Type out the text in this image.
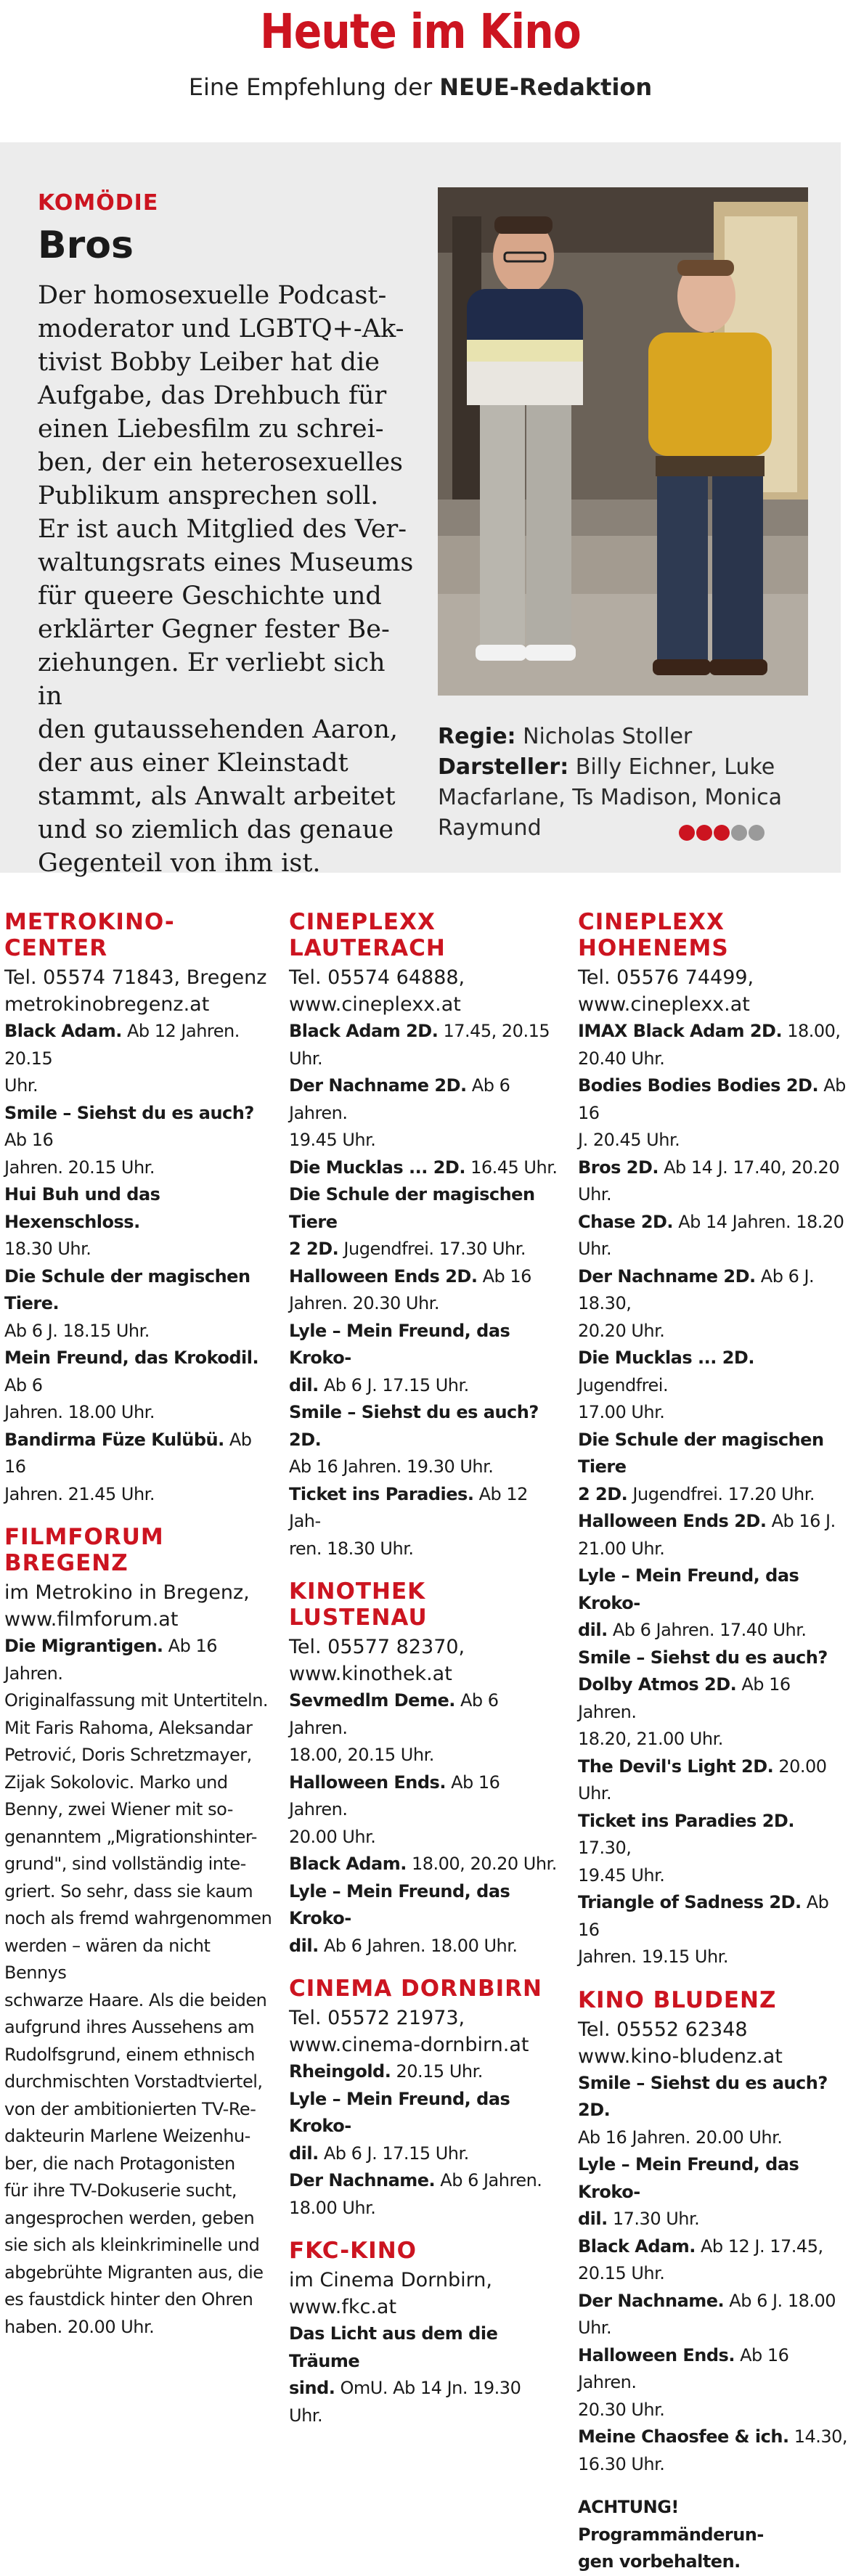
Heute im Kino
Eine Empfehlung der NEUE-Redaktion
KOMÖDIE
Bros
Der homosexuelle Podcast-
moderator und LGBTQ+-Ak-
tivist Bobby Leiber hat die
Aufgabe, das Drehbuch für
einen Liebesfilm zu schrei-
ben, der ein heterosexuelles
Publikum ansprechen soll.
Er ist auch Mitglied des Ver-
waltungsrats eines Museums
für queere Geschichte und
erklärter Gegner fester Be-
ziehungen. Er verliebt sich in
den gutaussehenden Aaron,
der aus einer Kleinstadt
stammt, als Anwalt arbeitet
und so ziemlich das genaue
Gegenteil von ihm ist.
Regie: Nicholas Stoller
Darsteller: Billy Eichner, Luke
Macfarlane, Ts Madison, Monica
Raymund
METROKINO-
CENTER
Tel. 05574 71843, Bregenz
metrokinobregenz.at
Black Adam. Ab 12 Jahren. 20.15
Uhr.
Smile – Siehst du es auch? Ab 16
Jahren. 20.15 Uhr.
Hui Buh und das Hexenschloss.
18.30 Uhr.
Die Schule der magischen Tiere.
Ab 6 J. 18.15 Uhr.
Mein Freund, das Krokodil. Ab 6
Jahren. 18.00 Uhr.
Bandirma Füze Kulübü. Ab 16
Jahren. 21.45 Uhr.
FILMFORUM
BREGENZ
im Metrokino in Bregenz,
www.filmforum.at
Die Migrantigen. Ab 16 Jahren.
Originalfassung mit Untertiteln.
Mit Faris Rahoma, Aleksandar
Petrović, Doris Schretzmayer,
Zijak Sokolovic. Marko und
Benny, zwei Wiener mit so-
genanntem „Migrationshinter-
grund", sind vollständig inte-
griert. So sehr, dass sie kaum
noch als fremd wahrgenommen
werden – wären da nicht Bennys
schwarze Haare. Als die beiden
aufgrund ihres Aussehens am
Rudolfsgrund, einem ethnisch
durchmischten Vorstadtviertel,
von der ambitionierten TV-Re-
dakteurin Marlene Weizenhu-
ber, die nach Protagonisten
für ihre TV-Dokuserie sucht,
angesprochen werden, geben
sie sich als kleinkriminelle und
abgebrühte Migranten aus, die
es faustdick hinter den Ohren
haben. 20.00 Uhr.
CINEPLEXX
LAUTERACH
Tel. 05574 64888,
www.cineplexx.at
Black Adam 2D. 17.45, 20.15 Uhr.
Der Nachname 2D. Ab 6 Jahren.
19.45 Uhr.
Die Mucklas ... 2D. 16.45 Uhr.
Die Schule der magischen Tiere
2 2D. Jugendfrei. 17.30 Uhr.
Halloween Ends 2D. Ab 16
Jahren. 20.30 Uhr.
Lyle – Mein Freund, das Kroko-
dil. Ab 6 J. 17.15 Uhr.
Smile – Siehst du es auch? 2D.
Ab 16 Jahren. 19.30 Uhr.
Ticket ins Paradies. Ab 12 Jah-
ren. 18.30 Uhr.
KINOTHEK
LUSTENAU
Tel. 05577 82370,
www.kinothek.at
Sevmedlm Deme. Ab 6 Jahren.
18.00, 20.15 Uhr.
Halloween Ends. Ab 16 Jahren.
20.00 Uhr.
Black Adam. 18.00, 20.20 Uhr.
Lyle – Mein Freund, das Kroko-
dil. Ab 6 Jahren. 18.00 Uhr.
CINEMA DORNBIRN
Tel. 05572 21973,
www.cinema-dornbirn.at
Rheingold. 20.15 Uhr.
Lyle – Mein Freund, das Kroko-
dil. Ab 6 J. 17.15 Uhr.
Der Nachname. Ab 6 Jahren.
18.00 Uhr.
FKC-KINO
im Cinema Dornbirn,
www.fkc.at
Das Licht aus dem die Träume
sind. OmU. Ab 14 Jn. 19.30 Uhr.
CINEPLEXX
HOHENEMS
Tel. 05576 74499,
www.cineplexx.at
IMAX Black Adam 2D. 18.00,
20.40 Uhr.
Bodies Bodies Bodies 2D. Ab 16
J. 20.45 Uhr.
Bros 2D. Ab 14 J. 17.40, 20.20 Uhr.
Chase 2D. Ab 14 Jahren. 18.20 Uhr.
Der Nachname 2D. Ab 6 J. 18.30,
20.20 Uhr.
Die Mucklas ... 2D. Jugendfrei.
17.00 Uhr.
Die Schule der magischen Tiere
2 2D. Jugendfrei. 17.20 Uhr.
Halloween Ends 2D. Ab 16 J.
21.00 Uhr.
Lyle – Mein Freund, das Kroko-
dil. Ab 6 Jahren. 17.40 Uhr.
Smile – Siehst du es auch?
Dolby Atmos 2D. Ab 16 Jahren.
18.20, 21.00 Uhr.
The Devil's Light 2D. 20.00 Uhr.
Ticket ins Paradies 2D. 17.30,
19.45 Uhr.
Triangle of Sadness 2D. Ab 16
Jahren. 19.15 Uhr.
KINO BLUDENZ
Tel. 05552 62348
www.kino-bludenz.at
Smile – Siehst du es auch? 2D.
Ab 16 Jahren. 20.00 Uhr.
Lyle – Mein Freund, das Kroko-
dil. 17.30 Uhr.
Black Adam. Ab 12 J. 17.45, 20.15 Uhr.
Der Nachname. Ab 6 J. 18.00 Uhr.
Halloween Ends. Ab 16 Jahren.
20.30 Uhr.
Meine Chaosfee & ich. 14.30,
16.30 Uhr.
ACHTUNG! Programmänderun-
gen vorbehalten.
